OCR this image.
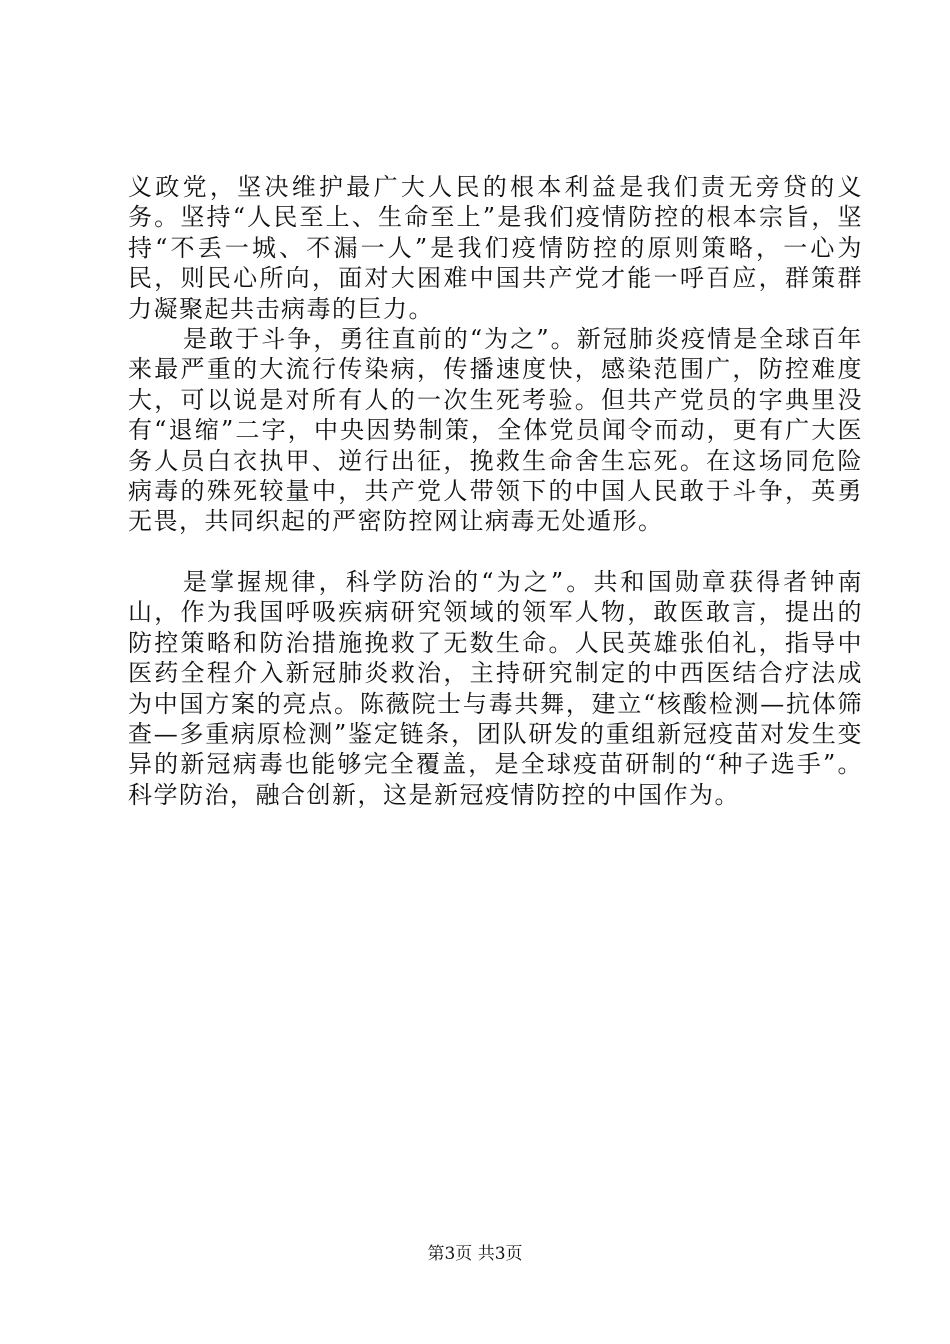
义政党，坚决维护最广大人民的根本利益是我们责无旁贷的义务。坚持“人民至上、生命至上”是我们疫情防控的根本宗旨，坚持“不丢一城、不漏一人”是我们疫情防控的原则策略，一心为民，则民心所向，面对大困难中国共产党才能一呼百应，群策群力凝聚起共击病毒的巨力。

是敢于斗争，勇往直前的“为之”。新冠肺炎疫情是全球百年来最严重的大流行传染病，传播速度快，感染范围广，防控难度大，可以说是对所有人的一次生死考验。但共产党员的字典里没有“退缩”二字，中央因势制策，全体党员闻令而动，更有广大医务人员白衣执甲、逆行出征，挽救生命舍生忘死。在这场同危险病毒的殊死较量中，共产党人带领下的中国人民敢于斗争，英勇无畏，共同织起的严密防控网让病毒无处遁形。

是掌握规律，科学防治的“为之”。共和国勋章获得者钟南山，作为我国呼吸疾病研究领域的领军人物，敢医敢言，提出的防控策略和防治措施挽救了无数生命。人民英雄张伯礼，指导中医药全程介入新冠肺炎救治，主持研究制定的中西医结合疗法成为中国方案的亮点。陈薇院士与毒共舞，建立“核酸检测—抗体筛查—多重病原检测”鉴定链条，团队研发的重组新冠疫苗对发生变异的新冠病毒也能够完全覆盖，是全球疫苗研制的“种子选手”。科学防治，融合创新，这是新冠疫情防控的中国作为。

第3页 共3页
